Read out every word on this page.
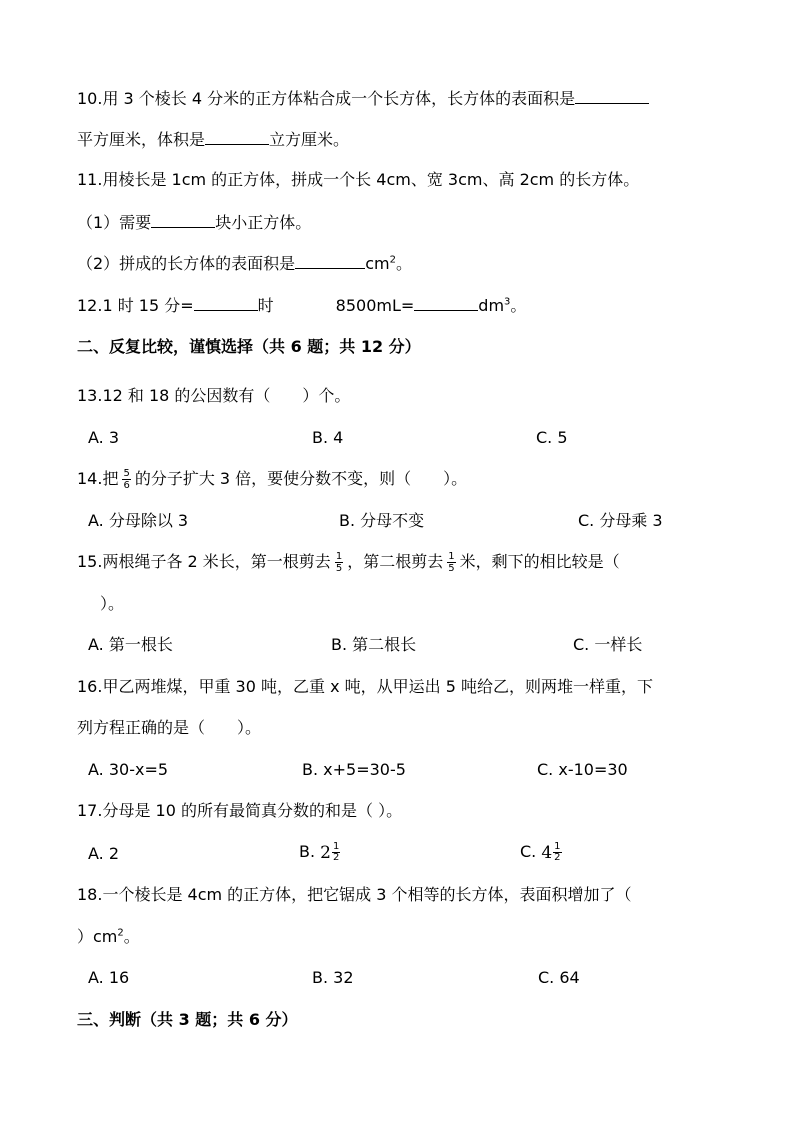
10.用 3 个棱长 4 分米的正方体粘合成一个长方体，长方体的表面积是
平方厘米，体积是	立方厘米。
11.用棱长是 1cm 的正方体，拼成一个长 4cm、宽 3cm、高 2cm 的长方体。
（1）需要	块小正方体。
（2）拼成的长方体的表面积是	$cm^2$。
12.1 时 15 分=	时	8500mL=	$dm^3$。
二、反复比较，谨慎选择（共 6 题；共 12 分）
13.12 和 18 的公因数有（　　）个。
A. 3	B. 4	C. 5
14.把 $\frac{5}{6}$ 的分子扩大 3 倍，要使分数不变，则（　　）。
A. 分母除以 3	B. 分母不变	C. 分母乘 3
15.两根绳子各 2 米长，第一根剪去 $\frac{1}{5}$ ，第二根剪去 $\frac{1}{5}$ 米，剩下的相比较是（
）。
A. 第一根长	B. 第二根长	C. 一样长
16.甲乙两堆煤，甲重 30 吨，乙重 x 吨，从甲运出 5 吨给乙，则两堆一样重，下
列方程正确的是（　　）。
A. 30-x=5	B. x+5=30-5	C. x-10=30
17.分母是 10 的所有最简真分数的和是（ ）。
A. 2	B. $2 \frac{1}{2}$	C. $4 \frac{1}{2}$
18.一个棱长是 4cm 的正方体，把它锯成 3 个相等的长方体，表面积增加了（
）$cm^2$。
A. 16	B. 32	C. 64
三、判断（共 3 题；共 6 分）
